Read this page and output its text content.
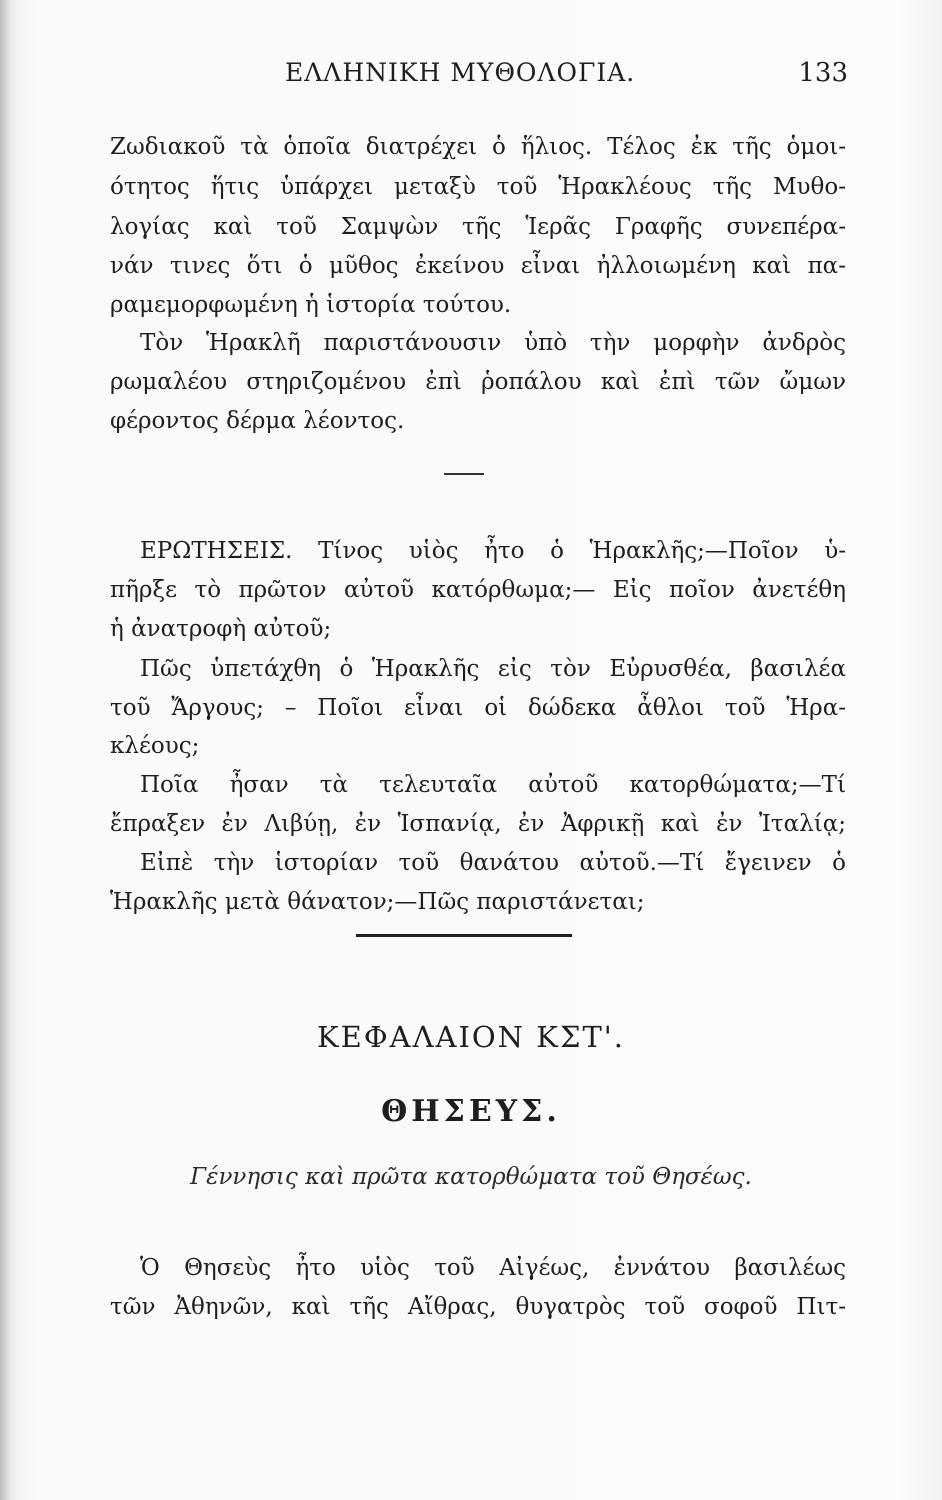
ΕΛΛΗΝΙΚΗ ΜΥΘΟΛΟΓΙΑ.	133
Ζωδιακοῦ τὰ ὁποῖα διατρέχει ὁ ἥλιος. Τέλος ἐκ τῆς ὁμοι-
ότητος ἥτις ὑπάρχει μεταξὺ τοῦ Ἡρακλέους τῆς Μυθο-
λογίας καὶ τοῦ Σαμψὼν τῆς Ἱερᾶς Γραφῆς συνεπέρα-
νάν τινες ὅτι ὁ μῦθος ἐκείνου εἶναι ἠλλοιωμένη καὶ πα-
ραμεμορφωμένη ἡ ἱστορία τούτου.
Τὸν Ἡρακλῆ παριστάνουσιν ὑπὸ τὴν μορφὴν ἀνδρὸς
ρωμαλέου στηριζομένου ἐπὶ ῥοπάλου καὶ ἐπὶ τῶν ὤμων
φέροντος δέρμα λέοντος.
ΕΡΩΤΗΣΕΙΣ. Τίνος υἱὸς ἦτο ὁ Ἡρακλῆς;—Ποῖον ὑ-
πῆρξε τὸ πρῶτον αὐτοῦ κατόρθωμα;— Εἰς ποῖον ἀνετέθη
ἡ ἀνατροφὴ αὐτοῦ;
Πῶς ὑπετάχθη ὁ Ἡρακλῆς εἰς τὸν Εὐρυσθέα, βασιλέα
τοῦ Ἄργους; – Ποῖοι εἶναι οἱ δώδεκα ἆθλοι τοῦ Ἡρα-
κλέους;
Ποῖα ἦσαν τὰ τελευταῖα αὐτοῦ κατορθώματα;—Τί
ἔπραξεν ἐν Λιβύῃ, ἐν Ἱσπανίᾳ, ἐν Ἀφρικῇ καὶ ἐν Ἰταλίᾳ;
Εἰπὲ τὴν ἱστορίαν τοῦ θανάτου αὐτοῦ.—Τί ἔγεινεν ὁ
Ἡρακλῆς μετὰ θάνατον;—Πῶς παριστάνεται;
ΚΕΦΑΛΑΙΟΝ ΚΣΤ'.
ΘΗΣΕΥΣ.
Γέννησις καὶ πρῶτα κατορθώματα τοῦ Θησέως.
Ὁ Θησεὺς ἦτο υἱὸς τοῦ Αἰγέως, ἐννάτου βασιλέως
τῶν Ἀθηνῶν, καὶ τῆς Αἴθρας, θυγατρὸς τοῦ σοφοῦ Πιτ-
